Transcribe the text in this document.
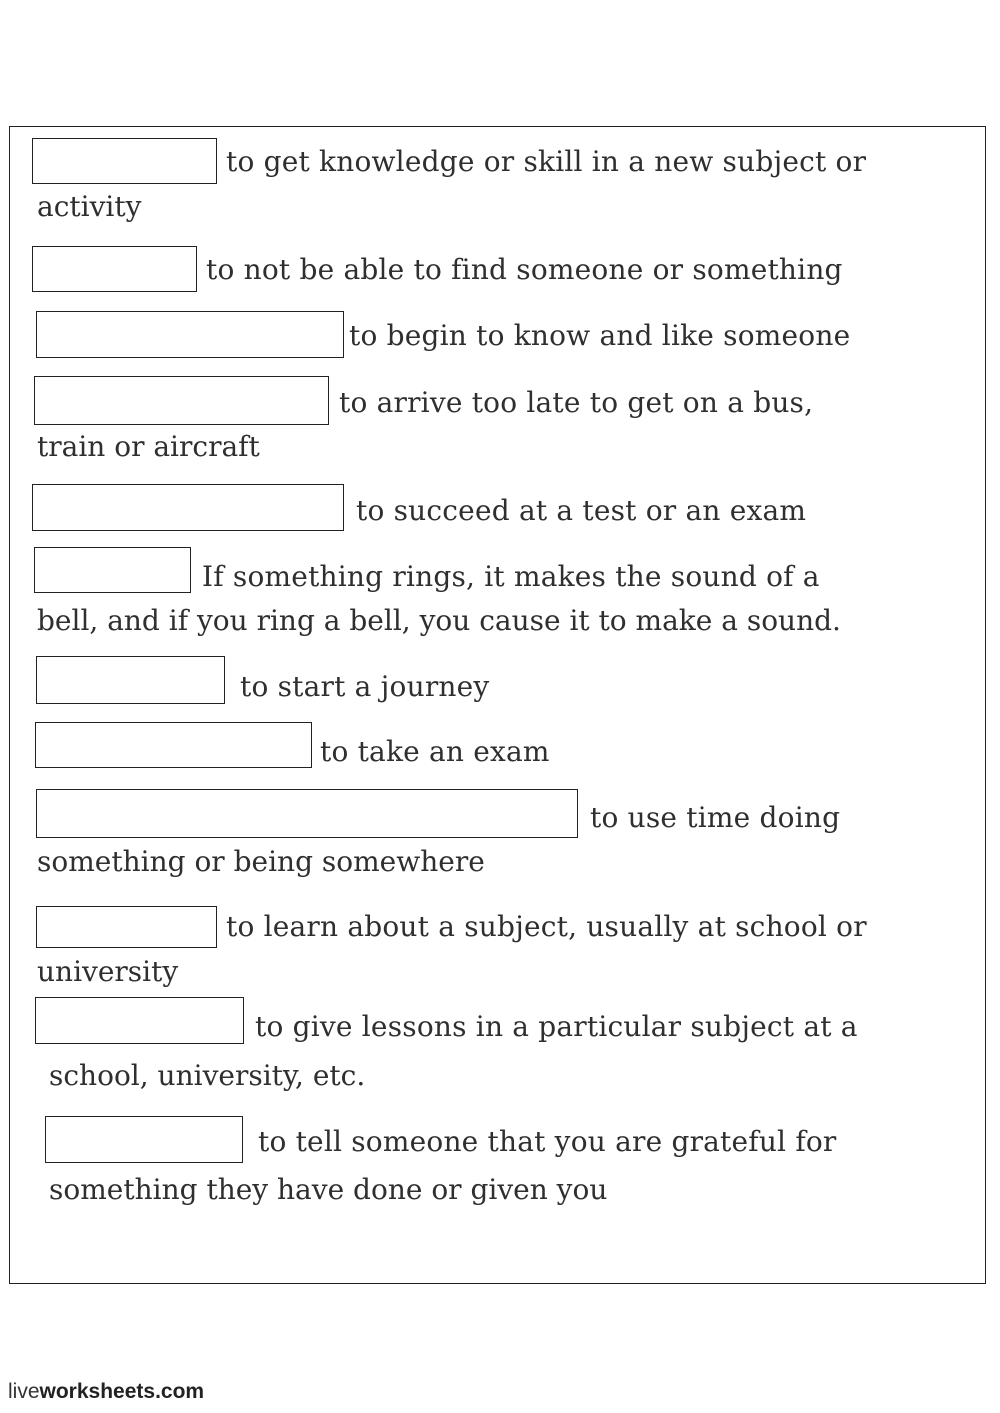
to get knowledge or skill in a new subject or
activity
to not be able to find someone or something
to begin to know and like someone
to arrive too late to get on a bus,
train or aircraft
to succeed at a test or an exam
If something rings, it makes the sound of a
bell, and if you ring a bell, you cause it to make a sound.
to start a journey
to take an exam
to use time doing
something or being somewhere
to learn about a subject, usually at school or
university
to give lessons in a particular subject at a
school, university, etc.
to tell someone that you are grateful for
something they have done or given you
liveworksheets.com
